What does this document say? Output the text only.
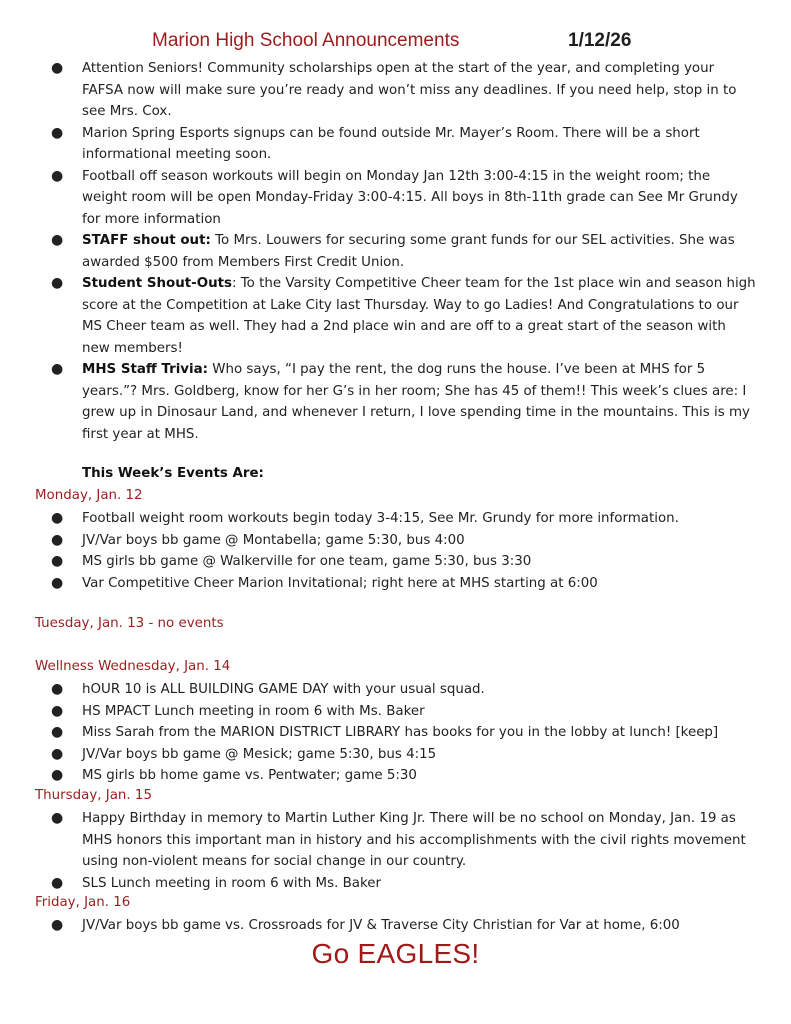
Marion High School Announcements	1/12/26
● Attention Seniors! Community scholarships open at the start of the year, and completing your FAFSA now will make sure you’re ready and won’t miss any deadlines. If you need help, stop in to see Mrs. Cox.
● Marion Spring Esports signups can be found outside Mr. Mayer’s Room. There will be a short informational meeting soon.
● Football off season workouts will begin on Monday Jan 12th 3:00-4:15 in the weight room; the weight room will be open Monday-Friday 3:00-4:15. All boys in 8th-11th grade can See Mr Grundy for more information
● STAFF shout out: To Mrs. Louwers for securing some grant funds for our SEL activities. She was awarded $500 from Members First Credit Union.
● Student Shout-Outs: To the Varsity Competitive Cheer team for the 1st place win and season high score at the Competition at Lake City last Thursday. Way to go Ladies! And Congratulations to our MS Cheer team as well. They had a 2nd place win and are off to a great start of the season with new members!
● MHS Staff Trivia: Who says, “I pay the rent, the dog runs the house. I’ve been at MHS for 5 years.”? Mrs. Goldberg, know for her G’s in her room; She has 45 of them!! This week’s clues are: I grew up in Dinosaur Land, and whenever I return, I love spending time in the mountains. This is my first year at MHS.
This Week’s Events Are:
Monday, Jan. 12
● Football weight room workouts begin today 3-4:15, See Mr. Grundy for more information.
● JV/Var boys bb game @ Montabella; game 5:30, bus 4:00
● MS girls bb game @ Walkerville for one team, game 5:30, bus 3:30
● Var Competitive Cheer Marion Invitational; right here at MHS starting at 6:00
Tuesday, Jan. 13 - no events
Wellness Wednesday, Jan. 14
● hOUR 10 is ALL BUILDING GAME DAY with your usual squad.
● HS MPACT Lunch meeting in room 6 with Ms. Baker
● Miss Sarah from the MARION DISTRICT LIBRARY has books for you in the lobby at lunch! [keep]
● JV/Var boys bb game @ Mesick; game 5:30, bus 4:15
● MS girls bb home game vs. Pentwater; game 5:30
Thursday, Jan. 15
● Happy Birthday in memory to Martin Luther King Jr. There will be no school on Monday, Jan. 19 as MHS honors this important man in history and his accomplishments with the civil rights movement using non-violent means for social change in our country.
● SLS Lunch meeting in room 6 with Ms. Baker
Friday, Jan. 16
● JV/Var boys bb game vs. Crossroads for JV & Traverse City Christian for Var at home, 6:00
Go EAGLES!
